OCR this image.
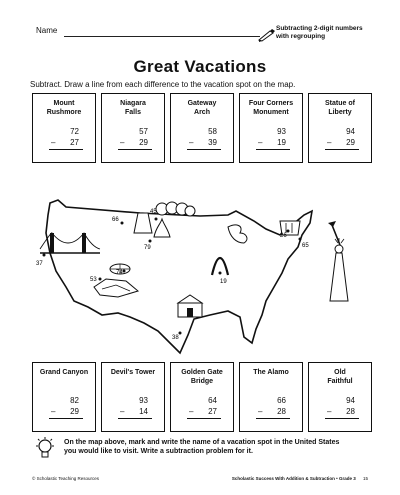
Name	Subtracting 2-digit numbers
with regrouping
Great Vacations
Subtract. Draw a line from each difference to the vacation spot on the map.
Mount
Rushmore
72
– 27
Niagara
Falls
57
– 29
Gateway
Arch
58
– 39
Four Corners
Monument
93
– 19
Statue of
Liberty
94
– 29
45
66
79	65
26
37
53
74
19
38
Grand Canyon
82
– 29
Devil's Tower
93
– 14
Golden Gate
Bridge
64
– 27
The Alamo
66
– 28
Old
Faithful
94
– 28
On the map above, mark and write the name of a vacation spot in the United States
you would like to visit. Write a subtraction problem for it.
© Scholastic Teaching Resources	Scholastic Success With Addition & Subtraction • Grade 3 15
